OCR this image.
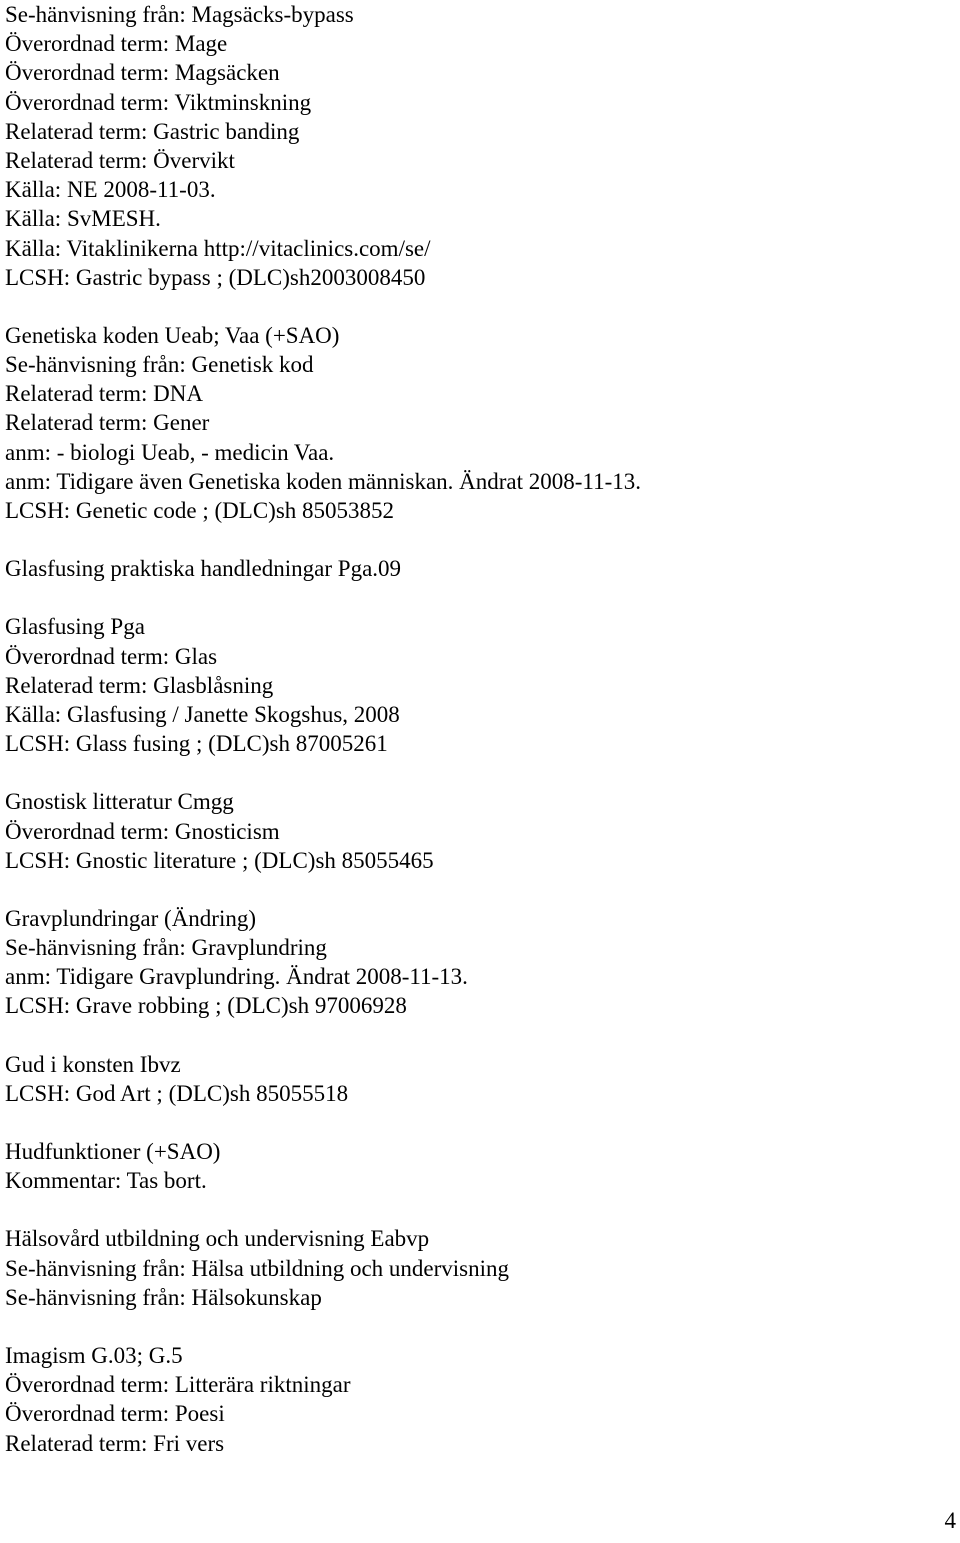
Se-hänvisning från: Magsäcks-bypass
Överordnad term: Mage
Överordnad term: Magsäcken
Överordnad term: Viktminskning
Relaterad term: Gastric banding
Relaterad term: Övervikt
Källa: NE 2008-11-03.
Källa: SvMESH.
Källa: Vitaklinikerna http://vitaclinics.com/se/
LCSH: Gastric bypass ; (DLC)sh2003008450
Genetiska koden Ueab; Vaa (+SAO)
Se-hänvisning från: Genetisk kod
Relaterad term: DNA
Relaterad term: Gener
anm: - biologi Ueab, - medicin Vaa.
anm: Tidigare även Genetiska koden människan. Ändrat 2008-11-13.
LCSH: Genetic code ; (DLC)sh 85053852
Glasfusing praktiska handledningar Pga.09
Glasfusing Pga
Överordnad term: Glas
Relaterad term: Glasblåsning
Källa: Glasfusing / Janette Skogshus, 2008
LCSH: Glass fusing ; (DLC)sh 87005261
Gnostisk litteratur Cmgg
Överordnad term: Gnosticism
LCSH: Gnostic literature ; (DLC)sh 85055465
Gravplundringar (Ändring)
Se-hänvisning från: Gravplundring
anm: Tidigare Gravplundring. Ändrat 2008-11-13.
LCSH: Grave robbing ; (DLC)sh 97006928
Gud i konsten Ibvz
LCSH: God Art ; (DLC)sh 85055518
Hudfunktioner (+SAO)
Kommentar: Tas bort.
Hälsovård utbildning och undervisning Eabvp
Se-hänvisning från: Hälsa utbildning och undervisning
Se-hänvisning från: Hälsokunskap
Imagism G.03; G.5
Överordnad term: Litterära riktningar
Överordnad term: Poesi
Relaterad term: Fri vers
4
